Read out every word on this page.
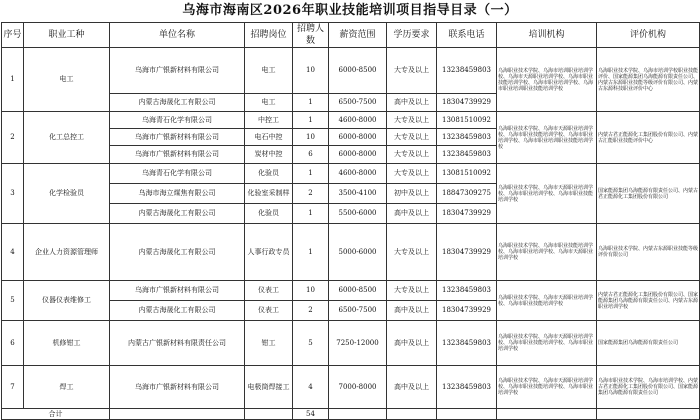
乌海市海南区2026年职业技能培训项目指导目录（一）
序号	职业工种	单位名称	招聘岗位	招聘人数	薪资范围	学历要求	联系电话	培训机构	评价机构
1	电工	乌海市广银新材料有限公司	电工	10	6000-8500	大专及以上	13238459803	乌海职业技术学院、乌海市培训职业培训学校、乌海市天源职业培训学校、乌海市职业技能培训学校、乌海市职业培训学校、乌海市职业培训职业技能培训学校	乌海职业技术学院、乌海市培训学校职业技能评价、国家能源集团乌海能源有限责任公司、内蒙古东源职业技能等级评价有限公司、内蒙古东源科技职业评价中心
		内蒙古海晟化工有限公司	电工	1	6500-7500	高中及以上	18304739929		
2	化工总控工	乌海青石化学有限公司	中控工	1	4600-8000	大专及以上	13081510092	乌海职业技术学院、乌海市天源职业培训学校、乌海市职业技能培训学校、乌海市职业培训学校、乌海市职业培训职业技能培训学校	内蒙古君正能源化工集团股份有限公司、内蒙古汇能职业技能评价中心
		乌海市广银新材料有限公司	电石中控	10	6000-8000	大专及以上	13238459803		
		乌海市广银新材料有限公司	炭材中控	6	6000-8000	大专及以上	13238459803		
3	化学检验员	乌海青石化学有限公司	化验员	1	4600-8000	大专及以上	13081510092	乌海职业技术学院、乌海市天源职业培训学校、乌海市职业培训学校、乌海市职业技能培训学校	国家能源集团乌海能源有限责任公司、内蒙古君正能源化工集团股份有限公司
		乌海市海立煤焦有限公司	化验室采制样	2	3500-4100	初中及以上	18847309275		
		内蒙古海晟化工有限公司	化验员	1	5500-6000	高中及以上	18304739929		
4	企业人力资源管理师	内蒙古海晟化工有限公司	人事行政专员	1	5000-6000	大专及以上	18304739929	乌海职业技术学院、乌海市职业技能培训学校、乌海市职业培训学校、乌海市天源职业培训学校	乌海职业技术学院、内蒙古东源职业技能等级评价有限公司
5	仪器仪表维修工	乌海市广银新材料有限公司	仪表工	10	6000-8500	大专及以上	13238459803	乌海职业技术学院、乌海市天源职业培训学校、乌海市职业技能培训学校	内蒙古君正能源化工集团股份有限公司、国家能源集团乌海能源有限责任公司、内蒙古东源职业培训学校
		内蒙古海晟化工有限公司	仪表工	2	6500-7500	高中及以上	18304739929		
6	机修钳工	内蒙古广银新材料有限责任公司	钳工	5	7250-12000	高中及以上	13238459803	乌海职业技术学院、乌海市天源职业培训学校、乌海市职业技能培训学校、乌海市职业培训学校	国家能源集团乌海能源有限责任公司
7	焊工	乌海市广银新材料有限公司	电极筒焊接工	4	7000-8000	高中及以上	13238459803	乌海职业技术学院、乌海市天源职业培训学校、乌海市职业技能培训学校、乌海市职业培训学校	乌海市职业技术学院、乌海市培训学校、内蒙古君正能源化工集团股份有限公司、国家能源集团乌海能源有限责任公司
合计				54					
